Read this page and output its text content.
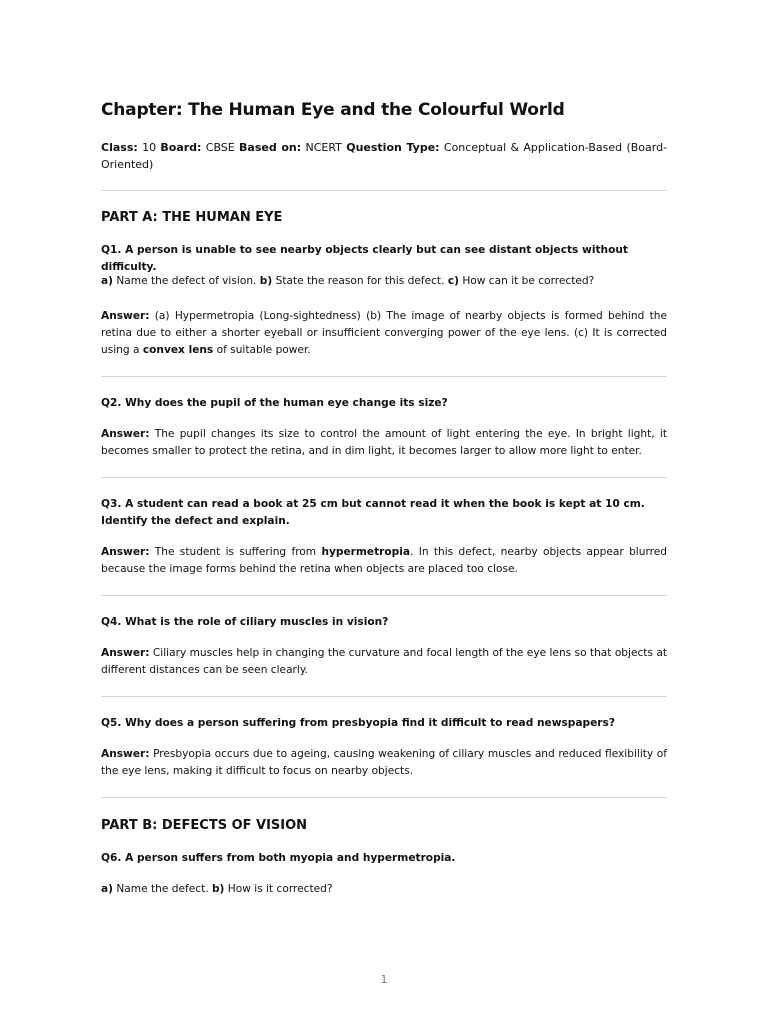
Chapter: The Human Eye and the Colourful World

Class: 10 Board: CBSE Based on: NCERT Question Type: Conceptual & Application-Based (Board-Oriented)

PART A: THE HUMAN EYE

Q1. A person is unable to see nearby objects clearly but can see distant objects without difficulty.

a) Name the defect of vision. b) State the reason for this defect. c) How can it be corrected?

Answer: (a) Hypermetropia (Long-sightedness) (b) The image of nearby objects is formed behind the retina due to either a shorter eyeball or insufficient converging power of the eye lens. (c) It is corrected using a convex lens of suitable power.

Q2. Why does the pupil of the human eye change its size?

Answer: The pupil changes its size to control the amount of light entering the eye. In bright light, it becomes smaller to protect the retina, and in dim light, it becomes larger to allow more light to enter.

Q3. A student can read a book at 25 cm but cannot read it when the book is kept at 10 cm. Identify the defect and explain.

Answer: The student is suffering from hypermetropia. In this defect, nearby objects appear blurred because the image forms behind the retina when objects are placed too close.

Q4. What is the role of ciliary muscles in vision?

Answer: Ciliary muscles help in changing the curvature and focal length of the eye lens so that objects at different distances can be seen clearly.

Q5. Why does a person suffering from presbyopia find it difficult to read newspapers?

Answer: Presbyopia occurs due to ageing, causing weakening of ciliary muscles and reduced flexibility of the eye lens, making it difficult to focus on nearby objects.

PART B: DEFECTS OF VISION

Q6. A person suffers from both myopia and hypermetropia.

a) Name the defect. b) How is it corrected?

1
